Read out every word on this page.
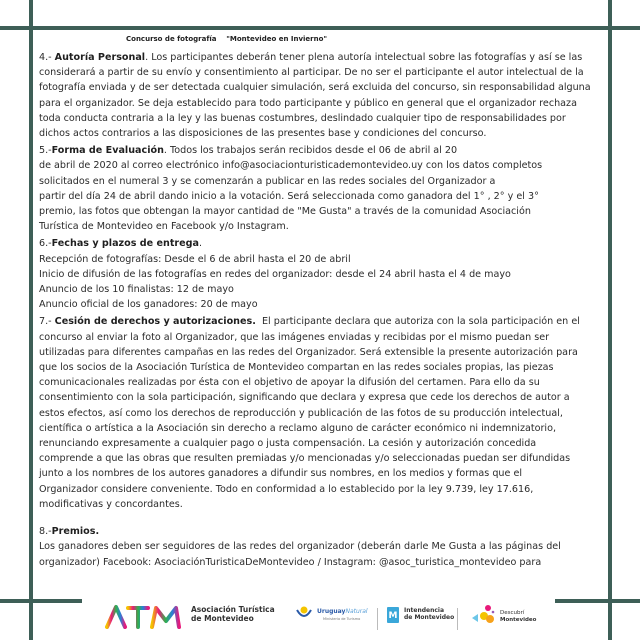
Concurso de fotografía    "Montevideo en Invierno"
4.- Autoría Personal. Los participantes deberán tener plena autoría intelectual sobre las fotografías y así se las
considerará a partir de su envío y consentimiento al participar. De no ser el participante el autor intelectual de la
fotografía enviada y de ser detectada cualquier simulación, será excluida del concurso, sin responsabilidad alguna
para el organizador. Se deja establecido para todo participante y público en general que el organizador rechaza
toda conducta contraria a la ley y las buenas costumbres, deslindado cualquier tipo de responsabilidades por
dichos actos contrarios a las disposiciones de las presentes base y condiciones del concurso.
5.-Forma de Evaluación. Todos los trabajos serán recibidos desde el 06 de abril al 20
de abril de 2020 al correo electrónico info@asociacionturisticademontevideo.uy con los datos completos
solicitados en el numeral 3 y se comenzarán a publicar en las redes sociales del Organizador a
partir del día 24 de abril dando inicio a la votación. Será seleccionada como ganadora del 1° , 2° y el 3°
premio, las fotos que obtengan la mayor cantidad de "Me Gusta" a través de la comunidad Asociación
Turística de Montevideo en Facebook y/o Instagram.
6.-Fechas y plazos de entrega.
Recepción de fotografías: Desde el 6 de abril hasta el 20 de abril
Inicio de difusión de las fotografías en redes del organizador: desde el 24 abril hasta el 4 de mayo
Anuncio de los 10 finalistas: 12 de mayo
Anuncio oficial de los ganadores: 20 de mayo
7.- Cesión de derechos y autorizaciones.  El participante declara que autoriza con la sola participación en el
concurso al enviar la foto al Organizador, que las imágenes enviadas y recibidas por el mismo puedan ser
utilizadas para diferentes campañas en las redes del Organizador. Será extensible la presente autorización para
que los socios de la Asociación Turística de Montevideo compartan en las redes sociales propias, las piezas
comunicacionales realizadas por ésta con el objetivo de apoyar la difusión del certamen. Para ello da su
consentimiento con la sola participación, significando que declara y expresa que cede los derechos de autor a
estos efectos, así como los derechos de reproducción y publicación de las fotos de su producción intelectual,
científica o artística a la Asociación sin derecho a reclamo alguno de carácter económico ni indemnizatorio,
renunciando expresamente a cualquier pago o justa compensación. La cesión y autorización concedida
comprende a que las obras que resulten premiadas y/o mencionadas y/o seleccionadas puedan ser difundidas
junto a los nombres de los autores ganadores a difundir sus nombres, en los medios y formas que el
Organizador considere conveniente. Todo en conformidad a lo establecido por la ley 9.739, ley 17.616,
modificativas y concordantes.
8.-Premios.
Los ganadores deben ser seguidores de las redes del organizador (deberán darle Me Gusta a las páginas del
organizador) Facebook: AsociaciónTuristicaDeMontevideo / Instagram: @asoc_turistica_montevideo para
Asociación Turística
de Montevideo
UruguayNatural
Ministerio de Turismo	M
Intendencia
de Montevideo
Descubrí
Montevideo
